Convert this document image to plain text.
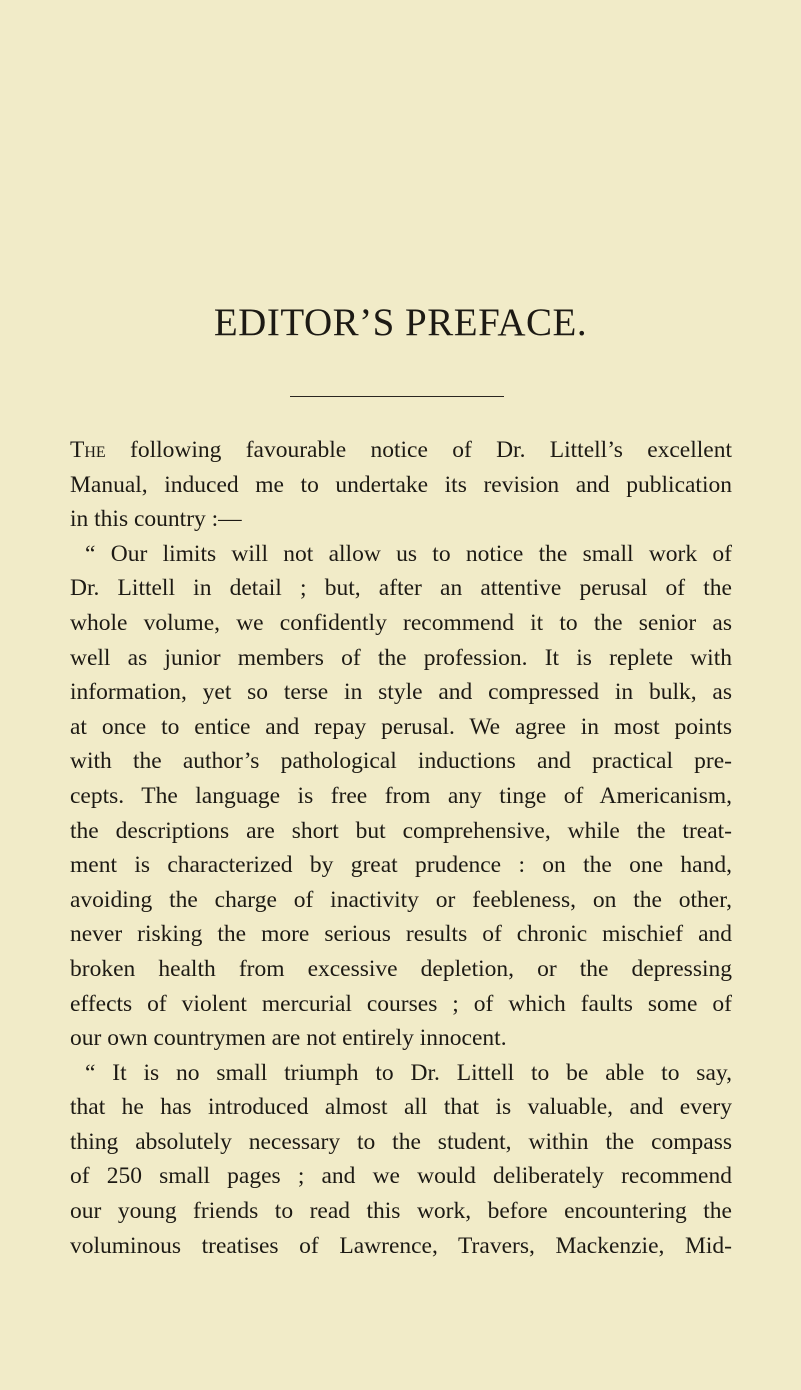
EDITOR’S PREFACE.
The following favourable notice of Dr. Littell’s excellent
Manual, induced me to undertake its revision and publication
in this country :—
“ Our limits will not allow us to notice the small work of
Dr. Littell in detail ; but, after an attentive perusal of the
whole volume, we confidently recommend it to the senior as
well as junior members of the profession. It is replete with
information, yet so terse in style and compressed in bulk, as
at once to entice and repay perusal. We agree in most points
with the author’s pathological inductions and practical pre-
cepts. The language is free from any tinge of Americanism,
the descriptions are short but comprehensive, while the treat-
ment is characterized by great prudence : on the one hand,
avoiding the charge of inactivity or feebleness, on the other,
never risking the more serious results of chronic mischief and
broken health from excessive depletion, or the depressing
effects of violent mercurial courses ; of which faults some of
our own countrymen are not entirely innocent.
“ It is no small triumph to Dr. Littell to be able to say,
that he has introduced almost all that is valuable, and every
thing absolutely necessary to the student, within the compass
of 250 small pages ; and we would deliberately recommend
our young friends to read this work, before encountering the
voluminous treatises of Lawrence, Travers, Mackenzie, Mid-
